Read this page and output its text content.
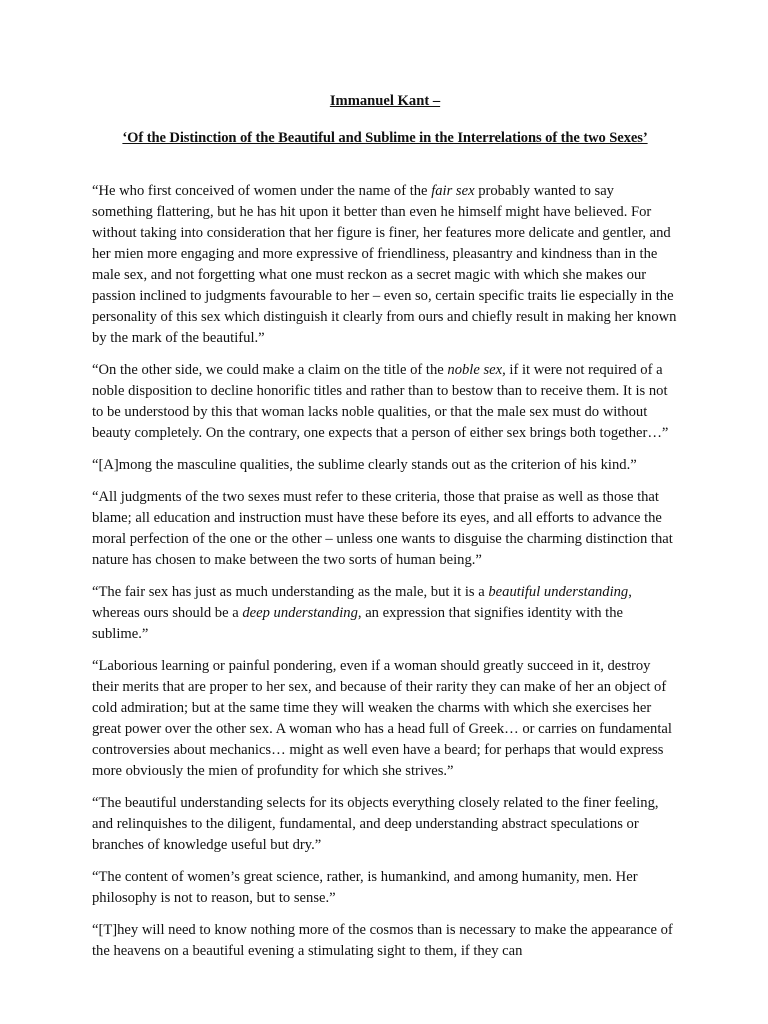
Immanuel Kant –

‘Of the Distinction of the Beautiful and Sublime in the Interrelations of the two Sexes’

“He who first conceived of women under the name of the fair sex probably wanted to say something flattering, but he has hit upon it better than even he himself might have believed. For without taking into consideration that her figure is finer, her features more delicate and gentler, and her mien more engaging and more expressive of friendliness, pleasantry and kindness than in the male sex, and not forgetting what one must reckon as a secret magic with which she makes our passion inclined to judgments favourable to her – even so, certain specific traits lie especially in the personality of this sex which distinguish it clearly from ours and chiefly result in making her known by the mark of the beautiful.”

“On the other side, we could make a claim on the title of the noble sex, if it were not required of a noble disposition to decline honorific titles and rather than to bestow than to receive them. It is not to be understood by this that woman lacks noble qualities, or that the male sex must do without beauty completely. On the contrary, one expects that a person of either sex brings both together…”

“[A]mong the masculine qualities, the sublime clearly stands out as the criterion of his kind.”

“All judgments of the two sexes must refer to these criteria, those that praise as well as those that blame; all education and instruction must have these before its eyes, and all efforts to advance the moral perfection of the one or the other – unless one wants to disguise the charming distinction that nature has chosen to make between the two sorts of human being.”

“The fair sex has just as much understanding as the male, but it is a beautiful understanding, whereas ours should be a deep understanding, an expression that signifies identity with the sublime.”

“Laborious learning or painful pondering, even if a woman should greatly succeed in it, destroy their merits that are proper to her sex, and because of their rarity they can make of her an object of cold admiration; but at the same time they will weaken the charms with which she exercises her great power over the other sex. A woman who has a head full of Greek… or carries on fundamental controversies about mechanics… might as well even have a beard; for perhaps that would express more obviously the mien of profundity for which she strives.”

“The beautiful understanding selects for its objects everything closely related to the finer feeling, and relinquishes to the diligent, fundamental, and deep understanding abstract speculations or branches of knowledge useful but dry.”

“The content of women’s great science, rather, is humankind, and among humanity, men. Her philosophy is not to reason, but to sense.”

“[T]hey will need to know nothing more of the cosmos than is necessary to make the appearance of the heavens on a beautiful evening a stimulating sight to them, if they can
